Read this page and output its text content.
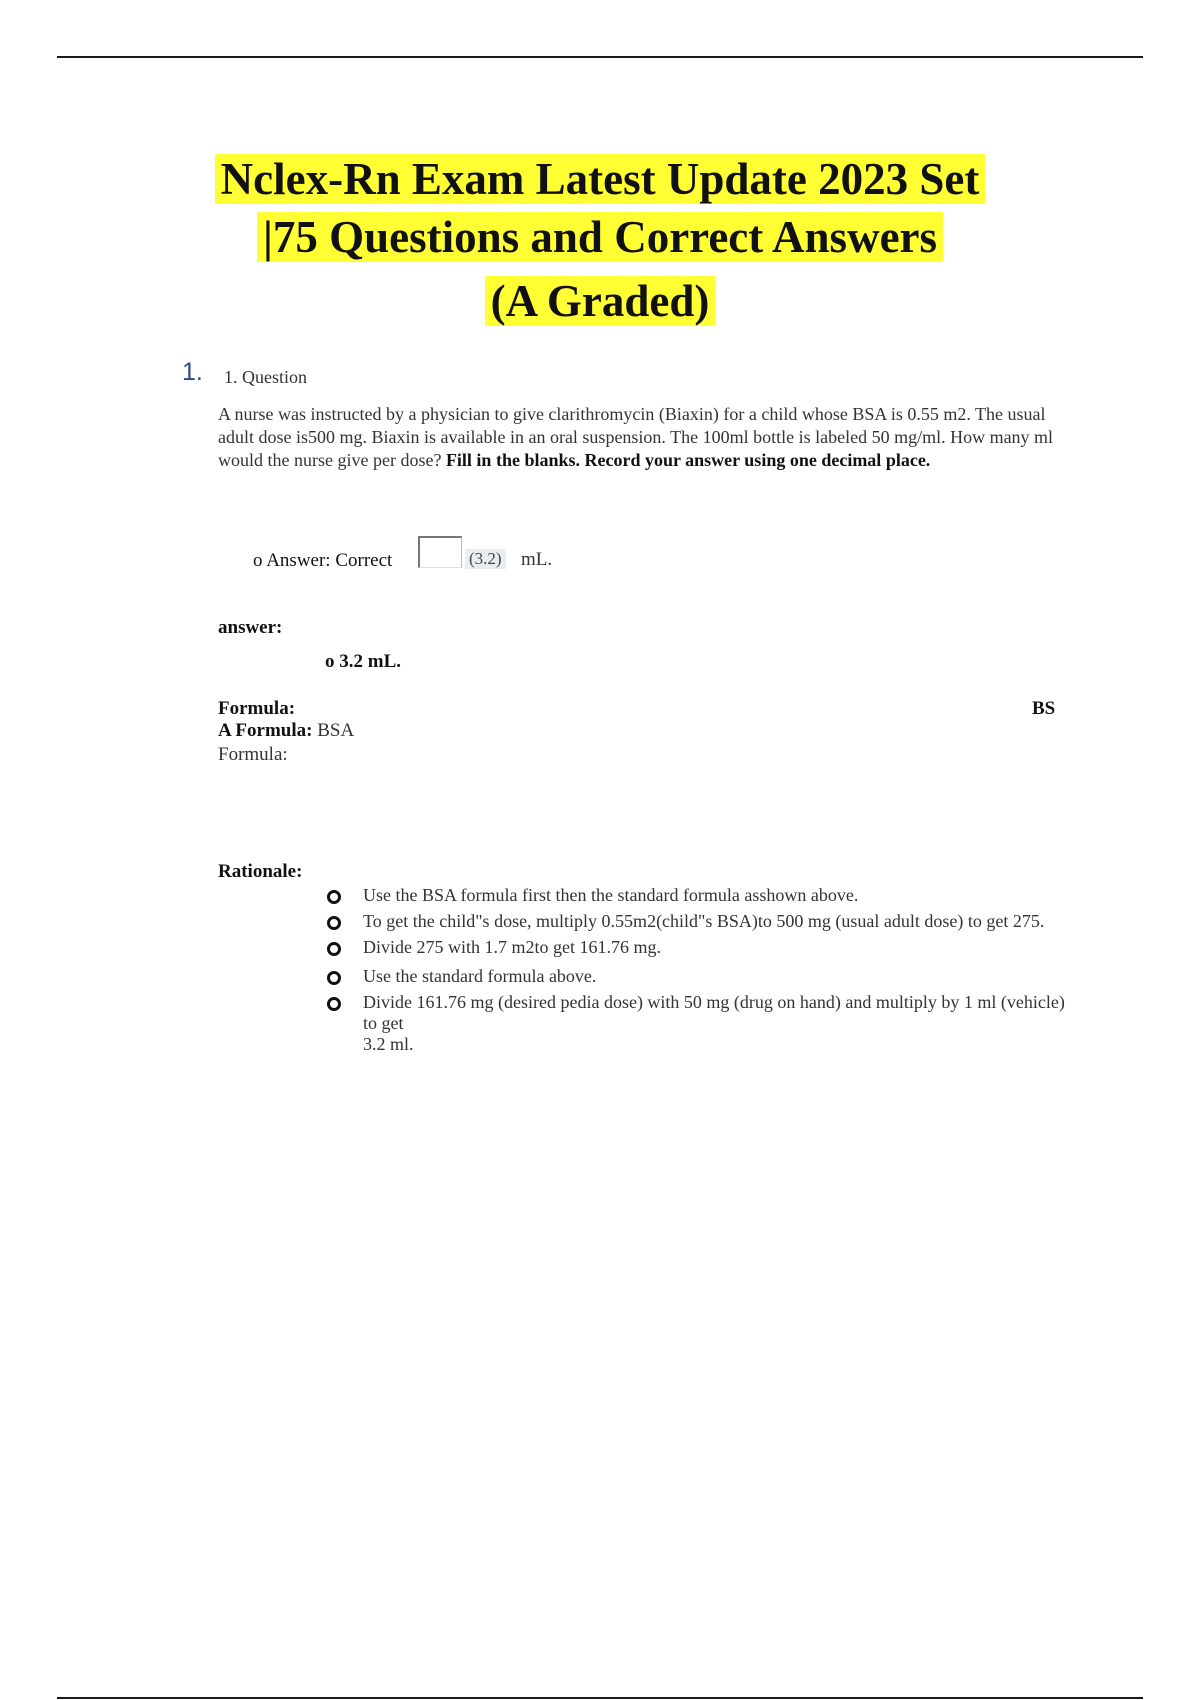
Nclex-Rn Exam Latest Update 2023 Set
|75 Questions and Correct Answers
(A Graded)
1. 1. Question
A nurse was instructed by a physician to give clarithromycin (Biaxin) for a child whose BSA is 0.55 m2. The usual adult dose is500 mg. Biaxin is available in an oral suspension. The 100ml bottle is labeled 50 mg/ml. How many ml would the nurse give per dose? Fill in the blanks. Record your answer using one decimal place.
o Answer: Correct	(3.2) mL.
answer:
o 3.2 mL.
Formula:	BS
A Formula: BSA
Formula:
Rationale:
Use the BSA formula first then the standard formula asshown above.
To get the child"s dose, multiply 0.55m2(child"s BSA)to 500 mg (usual adult dose) to get 275.
Divide 275 with 1.7 m2to get 161.76 mg.
Use the standard formula above.
Divide 161.76 mg (desired pedia dose) with 50 mg (drug on hand) and multiply by 1 ml (vehicle) to get
3.2 ml.
